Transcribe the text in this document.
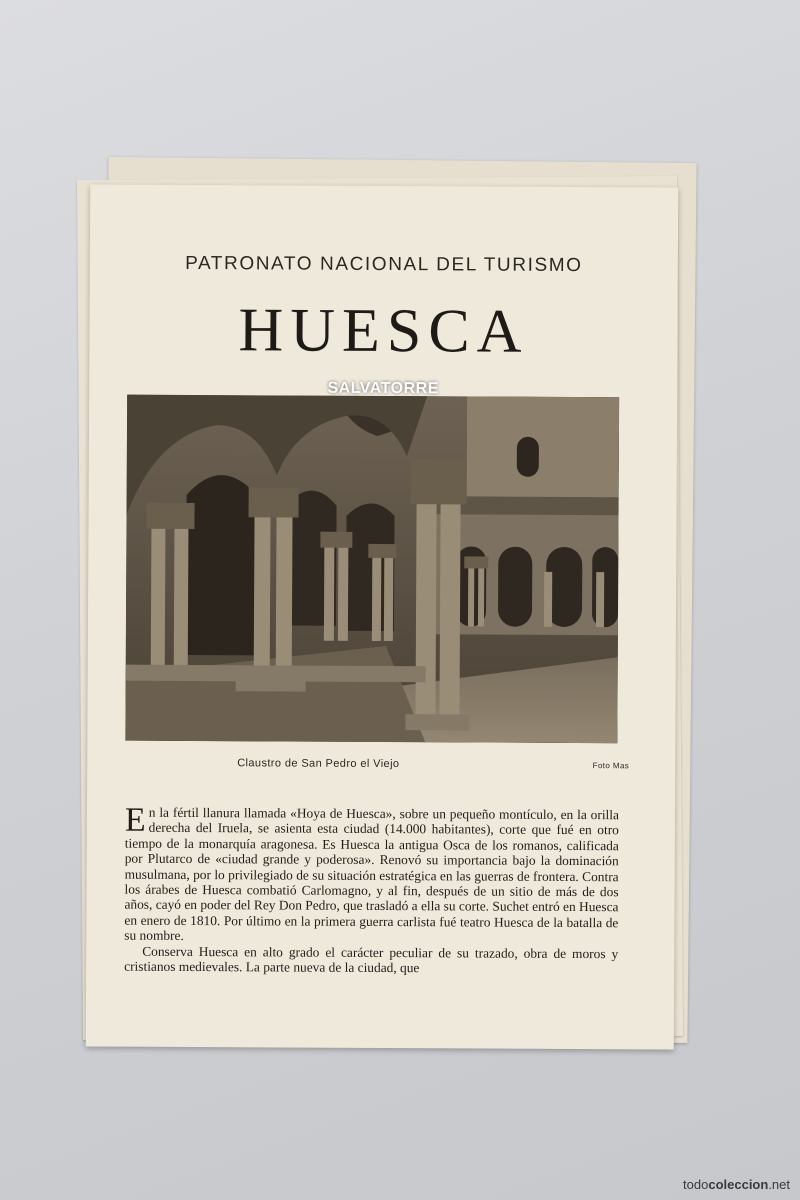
PATRONATO NACIONAL DEL TURISMO
HUESCA
SALVATORRE
Claustro de San Pedro el Viejo	Foto Mas

En la fértil llanura llamada «Hoya de Huesca», sobre un pequeño montículo, en la orilla derecha del Iruela, se asienta esta ciudad (14.000 habitantes), corte que fué en otro tiempo de la monarquía aragonesa. Es Huesca la antigua Osca de los romanos, calificada por Plutarco de «ciudad grande y poderosa». Renovó su importancia bajo la dominación musulmana, por lo privilegiado de su situación estratégica en las guerras de frontera. Contra los árabes de Huesca combatió Carlomagno, y al fin, después de un sitio de más de dos años, cayó en poder del Rey Don Pedro, que trasladó a ella su corte. Suchet entró en Huesca en enero de 1810. Por último en la primera guerra carlista fué teatro Huesca de la batalla de su nombre.

Conserva Huesca en alto grado el carácter peculiar de su trazado, obra de moros y cristianos medievales. La parte nueva de la ciudad, que

todocoleccion.net
